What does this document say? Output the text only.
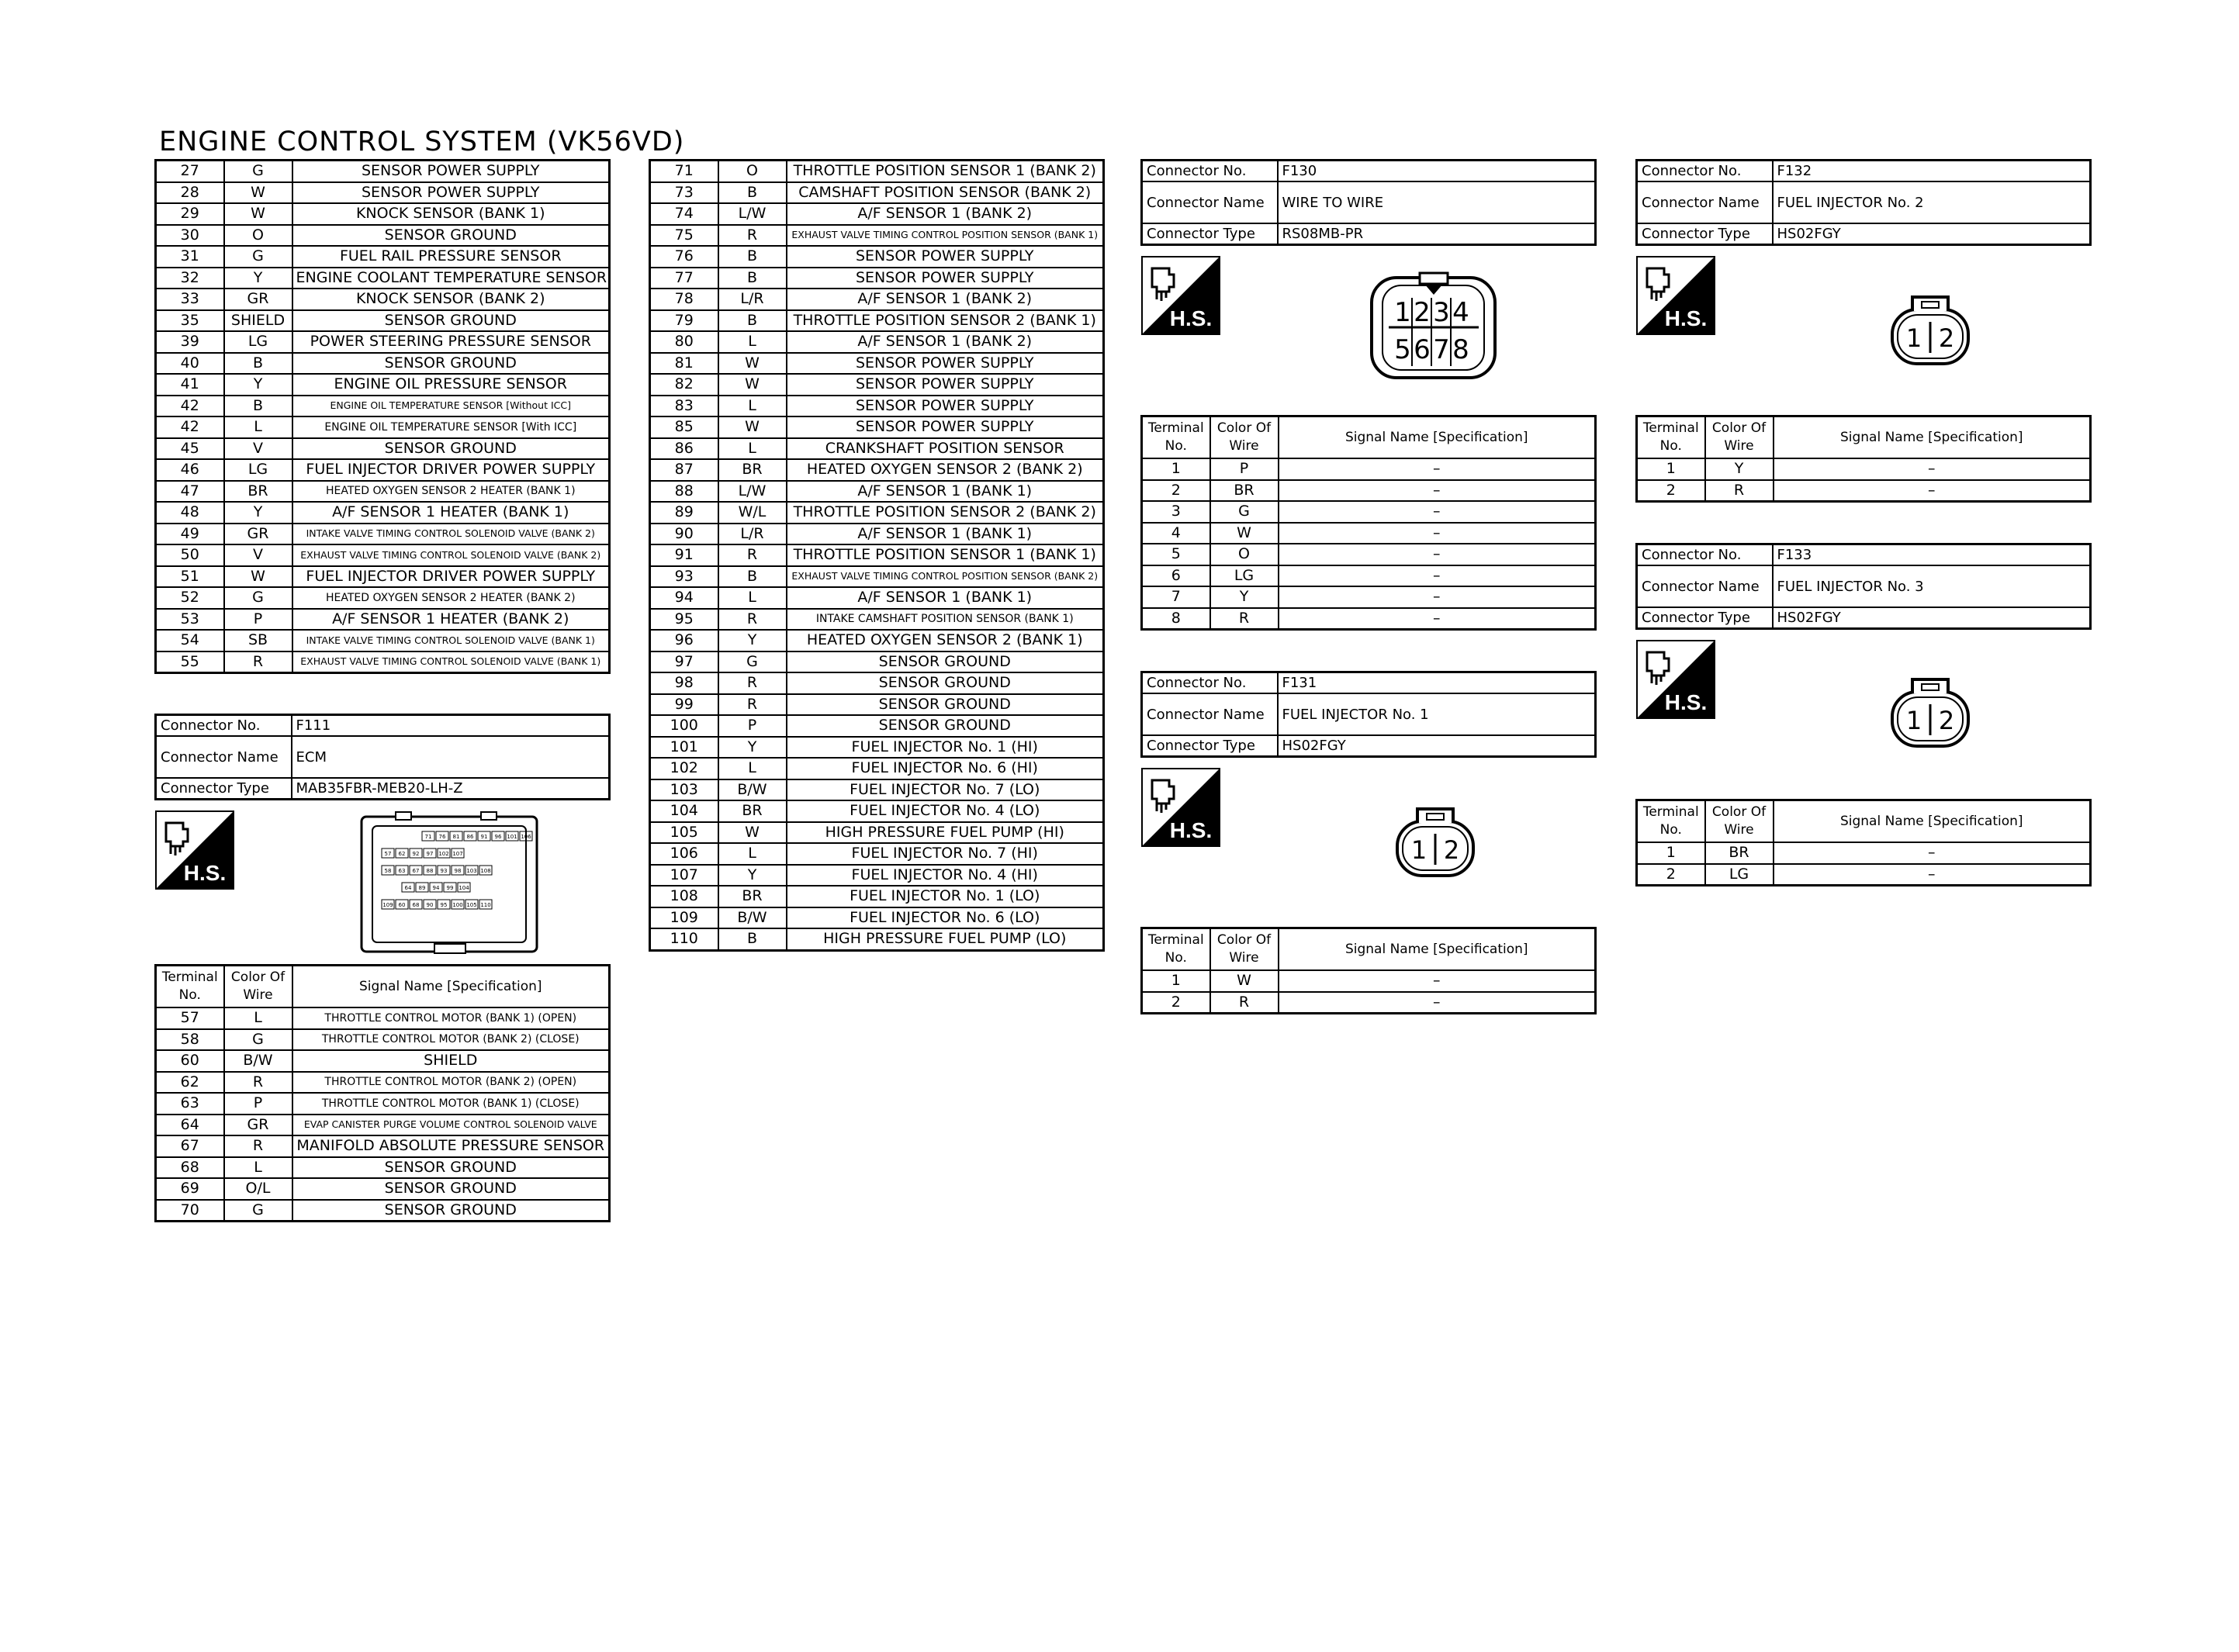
ENGINE CONTROL SYSTEM (VK56VD)
27	G	SENSOR POWER SUPPLY
28	W	SENSOR POWER SUPPLY
29	W	KNOCK SENSOR (BANK 1)
30	O	SENSOR GROUND
31	G	FUEL RAIL PRESSURE SENSOR
32	Y	ENGINE COOLANT TEMPERATURE SENSOR
33	GR	KNOCK SENSOR (BANK 2)
35	SHIELD	SENSOR GROUND
39	LG	POWER STEERING PRESSURE SENSOR
40	B	SENSOR GROUND
41	Y	ENGINE OIL PRESSURE SENSOR
42	B	ENGINE OIL TEMPERATURE SENSOR [Without ICC]
42	L	ENGINE OIL TEMPERATURE SENSOR [With ICC]
45	V	SENSOR GROUND
46	LG	FUEL INJECTOR DRIVER POWER SUPPLY
47	BR	HEATED OXYGEN SENSOR 2 HEATER (BANK 1)
48	Y	A/F SENSOR 1 HEATER (BANK 1)
49	GR	INTAKE VALVE TIMING CONTROL SOLENOID VALVE (BANK 2)
50	V	EXHAUST VALVE TIMING CONTROL SOLENOID VALVE (BANK 2)
51	W	FUEL INJECTOR DRIVER POWER SUPPLY
52	G	HEATED OXYGEN SENSOR 2 HEATER (BANK 2)
53	P	A/F SENSOR 1 HEATER (BANK 2)
54	SB	INTAKE VALVE TIMING CONTROL SOLENOID VALVE (BANK 1)
55	R	EXHAUST VALVE TIMING CONTROL SOLENOID VALVE (BANK 1)
71	O	THROTTLE POSITION SENSOR 1 (BANK 2)
73	B	CAMSHAFT POSITION SENSOR (BANK 2)
74	L/W	A/F SENSOR 1 (BANK 2)
75	R	EXHAUST VALVE TIMING CONTROL POSITION SENSOR (BANK 1)
76	B	SENSOR POWER SUPPLY
77	B	SENSOR POWER SUPPLY
78	L/R	A/F SENSOR 1 (BANK 2)
79	B	THROTTLE POSITION SENSOR 2 (BANK 1)
80	L	A/F SENSOR 1 (BANK 2)
81	W	SENSOR POWER SUPPLY
82	W	SENSOR POWER SUPPLY
83	L	SENSOR POWER SUPPLY
85	W	SENSOR POWER SUPPLY
86	L	CRANKSHAFT POSITION SENSOR
87	BR	HEATED OXYGEN SENSOR 2 (BANK 2)
88	L/W	A/F SENSOR 1 (BANK 1)
89	W/L	THROTTLE POSITION SENSOR 2 (BANK 2)
90	L/R	A/F SENSOR 1 (BANK 1)
91	R	THROTTLE POSITION SENSOR 1 (BANK 1)
93	B	EXHAUST VALVE TIMING CONTROL POSITION SENSOR (BANK 2)
94	L	A/F SENSOR 1 (BANK 1)
95	R	INTAKE CAMSHAFT POSITION SENSOR (BANK 1)
96	Y	HEATED OXYGEN SENSOR 2 (BANK 1)
97	G	SENSOR GROUND
98	R	SENSOR GROUND
99	R	SENSOR GROUND
100	P	SENSOR GROUND
101	Y	FUEL INJECTOR No. 1 (HI)
102	L	FUEL INJECTOR No. 6 (HI)
103	B/W	FUEL INJECTOR No. 7 (LO)
104	BR	FUEL INJECTOR No. 4 (LO)
105	W	HIGH PRESSURE FUEL PUMP (HI)
106	L	FUEL INJECTOR No. 7 (HI)
107	Y	FUEL INJECTOR No. 4 (HI)
108	BR	FUEL INJECTOR No. 1 (LO)
109	B/W	FUEL INJECTOR No. 6 (LO)
110	B	HIGH PRESSURE FUEL PUMP (LO)
Connector No.	F111
Connector Name	ECM
Connector Type	MAB35FBR-MEB20-LH-Z
H.S.
71 76 81 86 91 96 101 106
57 62 92 97 102 107
58 63 67 88 93 98 103 108
64 89 94 99 104
109 60 68 90 95 100 105 110
Terminal No.	Color Of Wire	Signal Name [Specification]
57	L	THROTTLE CONTROL MOTOR (BANK 1) (OPEN)
58	G	THROTTLE CONTROL MOTOR (BANK 2) (CLOSE)
60	B/W	SHIELD
62	R	THROTTLE CONTROL MOTOR (BANK 2) (OPEN)
63	P	THROTTLE CONTROL MOTOR (BANK 1) (CLOSE)
64	GR	EVAP CANISTER PURGE VOLUME CONTROL SOLENOID VALVE
67	R	MANIFOLD ABSOLUTE PRESSURE SENSOR
68	L	SENSOR GROUND
69	O/L	SENSOR GROUND
70	G	SENSOR GROUND
Connector No.	F130
Connector Name	WIRE TO WIRE
Connector Type	RS08MB-PR
H.S.	1 2 3 4
5 6 7 8
Terminal No.	Color Of Wire	Signal Name [Specification]
1	P	–
2	BR	–
3	G	–
4	W	–
5	O	–
6	LG	–
7	Y	–
8	R	–
Connector No.	F131
Connector Name	FUEL INJECTOR No. 1
Connector Type	HS02FGY
H.S.
1 2
Terminal No.	Color Of Wire	Signal Name [Specification]
1	W	–
2	R	–
Connector No.	F132
Connector Name	FUEL INJECTOR No. 2
Connector Type	HS02FGY
H.S.
1 2
Terminal No.	Color Of Wire	Signal Name [Specification]
1	Y	–
2	R	–
Connector No.	F133
Connector Name	FUEL INJECTOR No. 3
Connector Type	HS02FGY
H.S.
1 2
Terminal No.	Color Of Wire	Signal Name [Specification]
1	BR	–
2	LG	–
